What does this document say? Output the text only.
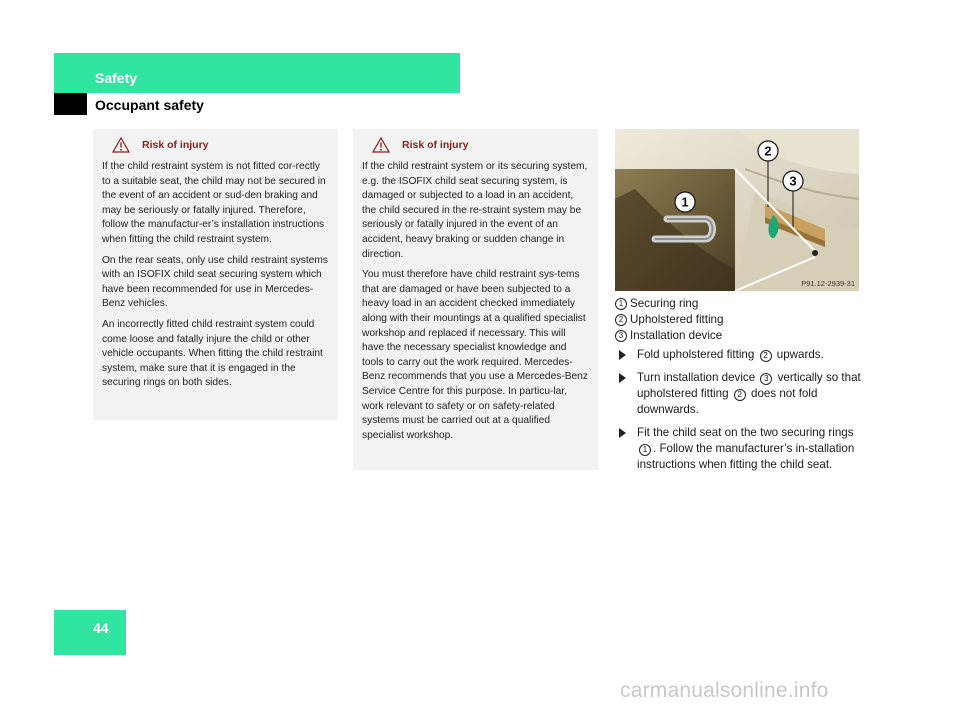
Safety
Occupant safety
Risk of injury

If the child restraint system is not fitted cor-rectly to a suitable seat, the child may not be secured in the event of an accident or sud-den braking and may be seriously or fatally injured. Therefore, follow the manufactur-er’s installation instructions when fitting the child restraint system.

On the rear seats, only use child restraint systems with an ISOFIX child seat securing system which have been recommended for use in Mercedes-Benz vehicles.

An incorrectly fitted child restraint system could come loose and fatally injure the child or other vehicle occupants. When fitting the child restraint system, make sure that it is engaged in the securing rings on both sides.

Risk of injury

If the child restraint system or its securing system, e.g. the ISOFIX child seat securing system, is damaged or subjected to a load in an accident, the child secured in the re-straint system may be seriously or fatally injured in the event of an accident, heavy braking or sudden change in direction.

You must therefore have child restraint sys-tems that are damaged or have been subjected to a heavy load in an accident checked immediately along with their mountings at a qualified specialist workshop and replaced if necessary. This will have the necessary specialist knowledge and tools to carry out the work required. Mercedes-Benz recommends that you use a Mercedes-Benz Service Centre for this purpose. In particu-lar, work relevant to safety or on safety-related systems must be carried out at a qualified specialist workshop.

1
2
3
P91.12-2939-31
1 Securing ring
2 Upholstered fitting
3 Installation device
Fold upholstered fitting 2 upwards.
Turn installation device 3 vertically so that upholstered fitting 2 does not fold downwards.
Fit the child seat on the two securing rings 1 . Follow the manufacturer’s in-stallation instructions when fitting the child seat.
44
carmanualsonline.info
